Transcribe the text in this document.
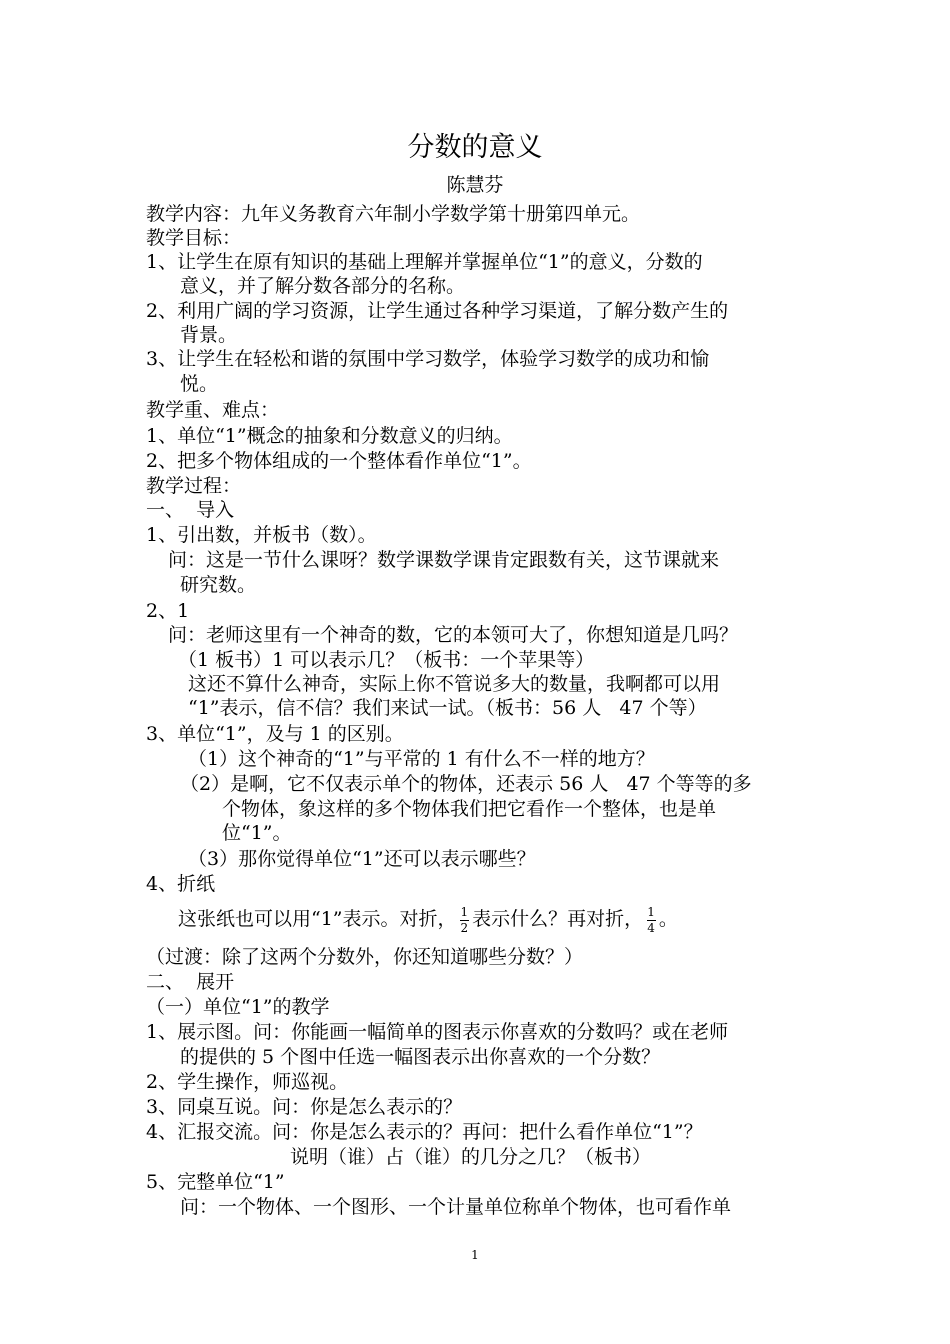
分数的意义
陈慧芬
教学内容：九年义务教育六年制小学数学第十册第四单元。
教学目标：
1、让学生在原有知识的基础上理解并掌握单位“1”的意义，分数的
意义，并了解分数各部分的名称。
2、利用广阔的学习资源，让学生通过各种学习渠道，了解分数产生的
背景。
3、让学生在轻松和谐的氛围中学习数学，体验学习数学的成功和愉
悦。
教学重、难点：
1、单位“1”概念的抽象和分数意义的归纳。
2、把多个物体组成的一个整体看作单位“1”。
教学过程：
一、  导入
1、引出数，并板书（数）。
问：这是一节什么课呀？数学课数学课肯定跟数有关，这节课就来
研究数。
2、1
问：老师这里有一个神奇的数，它的本领可大了，你想知道是几吗？
（1 板书）1 可以表示几？（板书：一个苹果等）
这还不算什么神奇，实际上你不管说多大的数量，我啊都可以用
“1”表示，信不信？我们来试一试。（板书：56 人   47 个等）
3、单位“1”，及与 1 的区别。
（1）这个神奇的“1”与平常的 1 有什么不一样的地方？
（2）是啊，它不仅表示单个的物体，还表示 56 人   47 个等等的多
个物体，象这样的多个物体我们把它看作一个整体，也是单
位“1”。
（3）那你觉得单位“1”还可以表示哪些？
4、折纸
这张纸也可以用“1”表示。对折， $\frac{1}{2}$ 表示什么？再对折， $\frac{1}{4}$ 。
（过渡：除了这两个分数外，你还知道哪些分数？）
二、  展开
（一）单位“1”的教学
1、展示图。问：你能画一幅简单的图表示你喜欢的分数吗？或在老师
的提供的 5 个图中任选一幅图表示出你喜欢的一个分数？
2、学生操作，师巡视。
3、同桌互说。问：你是怎么表示的？
4、汇报交流。问：你是怎么表示的？再问：把什么看作单位“1”？
说明（谁）占（谁）的几分之几？（板书）
5、完整单位“1”
问：一个物体、一个图形、一个计量单位称单个物体，也可看作单
1
